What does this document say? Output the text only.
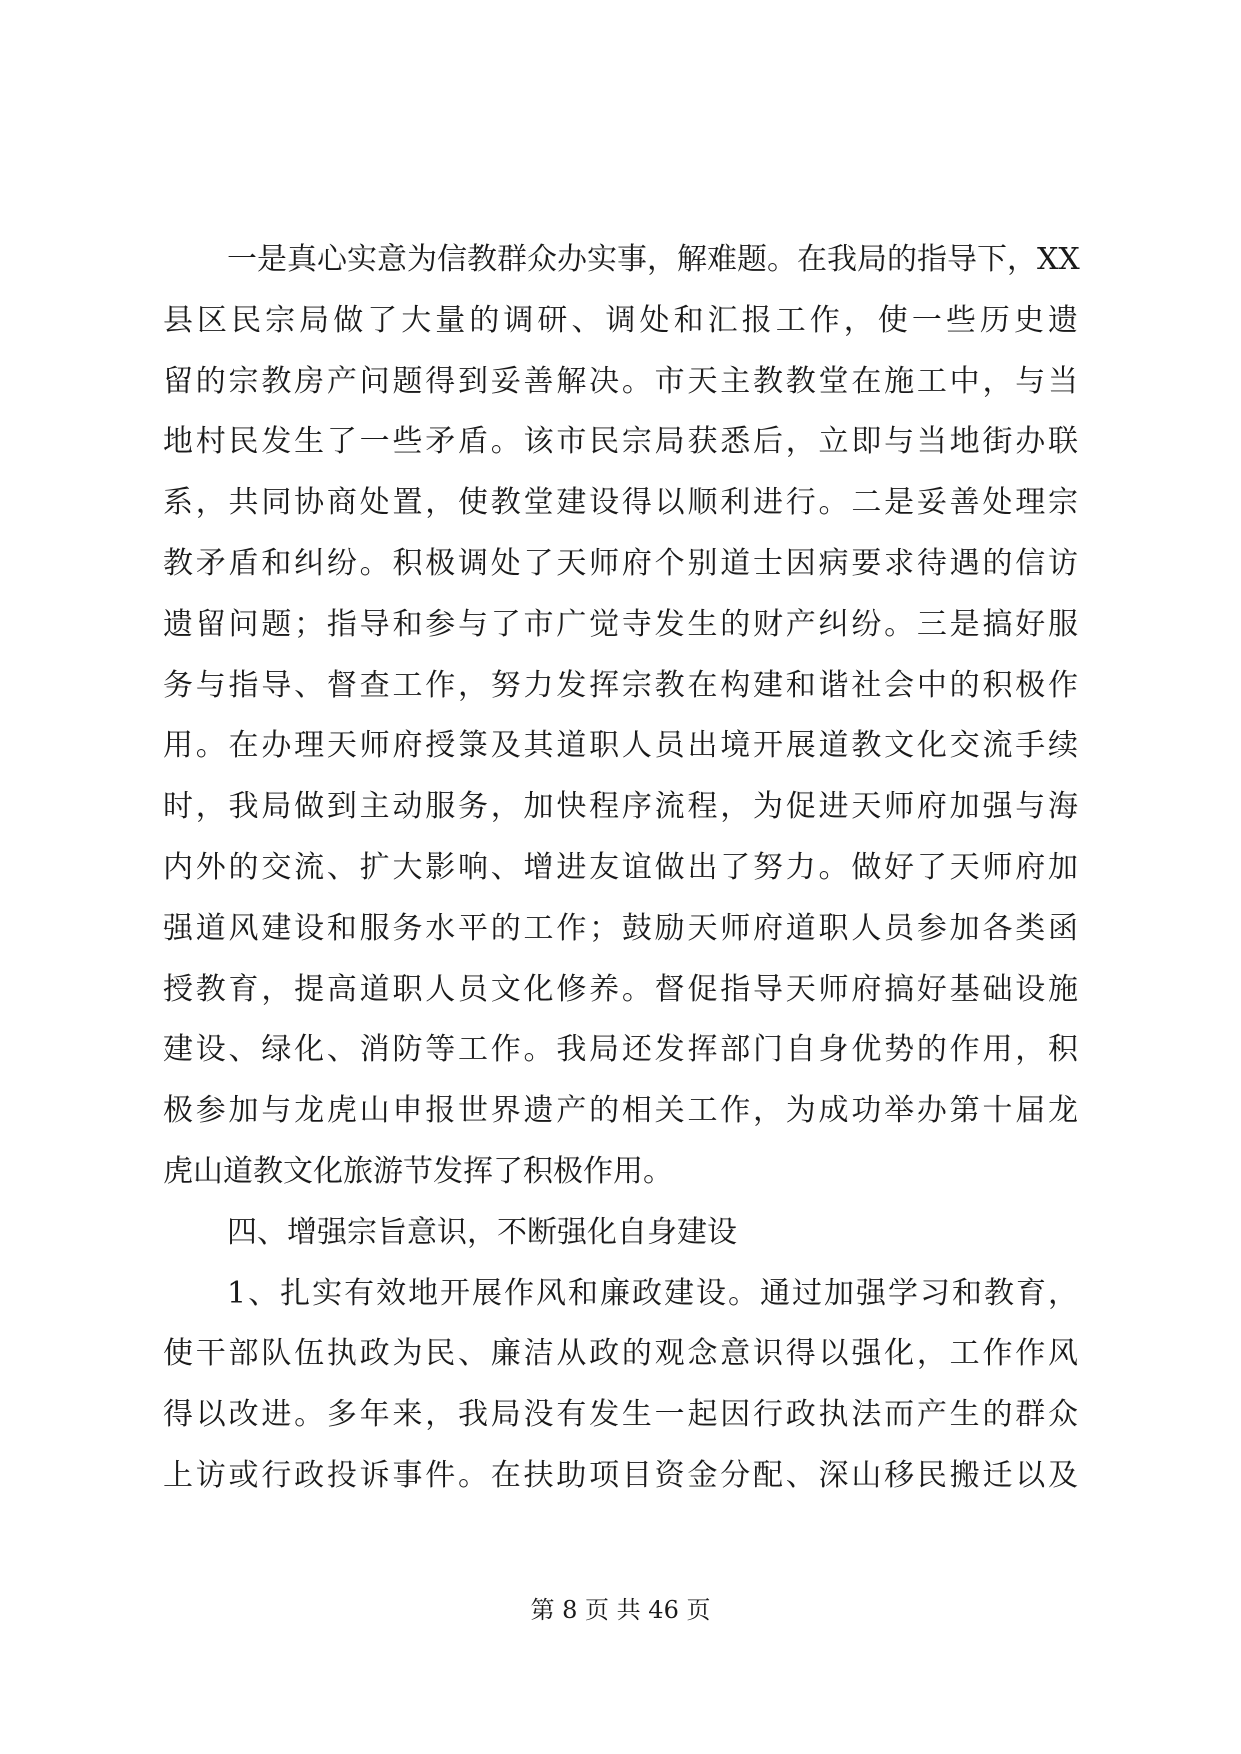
一是真心实意为信教群众办实事，解难题。在我局的指导下，XX
县区民宗局做了大量的调研、调处和汇报工作，使一些历史遗
留的宗教房产问题得到妥善解决。市天主教教堂在施工中，与当
地村民发生了一些矛盾。该市民宗局获悉后，立即与当地街办联
系，共同协商处置，使教堂建设得以顺利进行。二是妥善处理宗
教矛盾和纠纷。积极调处了天师府个别道士因病要求待遇的信访
遗留问题；指导和参与了市广觉寺发生的财产纠纷。三是搞好服
务与指导、督查工作，努力发挥宗教在构建和谐社会中的积极作
用。在办理天师府授箓及其道职人员出境开展道教文化交流手续
时，我局做到主动服务，加快程序流程，为促进天师府加强与海
内外的交流、扩大影响、增进友谊做出了努力。做好了天师府加
强道风建设和服务水平的工作；鼓励天师府道职人员参加各类函
授教育，提高道职人员文化修养。督促指导天师府搞好基础设施
建设、绿化、消防等工作。我局还发挥部门自身优势的作用，积
极参加与龙虎山申报世界遗产的相关工作，为成功举办第十届龙
虎山道教文化旅游节发挥了积极作用。
四、增强宗旨意识，不断强化自身建设
1、扎实有效地开展作风和廉政建设。通过加强学习和教育，
使干部队伍执政为民、廉洁从政的观念意识得以强化，工作作风
得以改进。多年来，我局没有发生一起因行政执法而产生的群众
上访或行政投诉事件。在扶助项目资金分配、深山移民搬迁以及
第 8 页 共 46 页
